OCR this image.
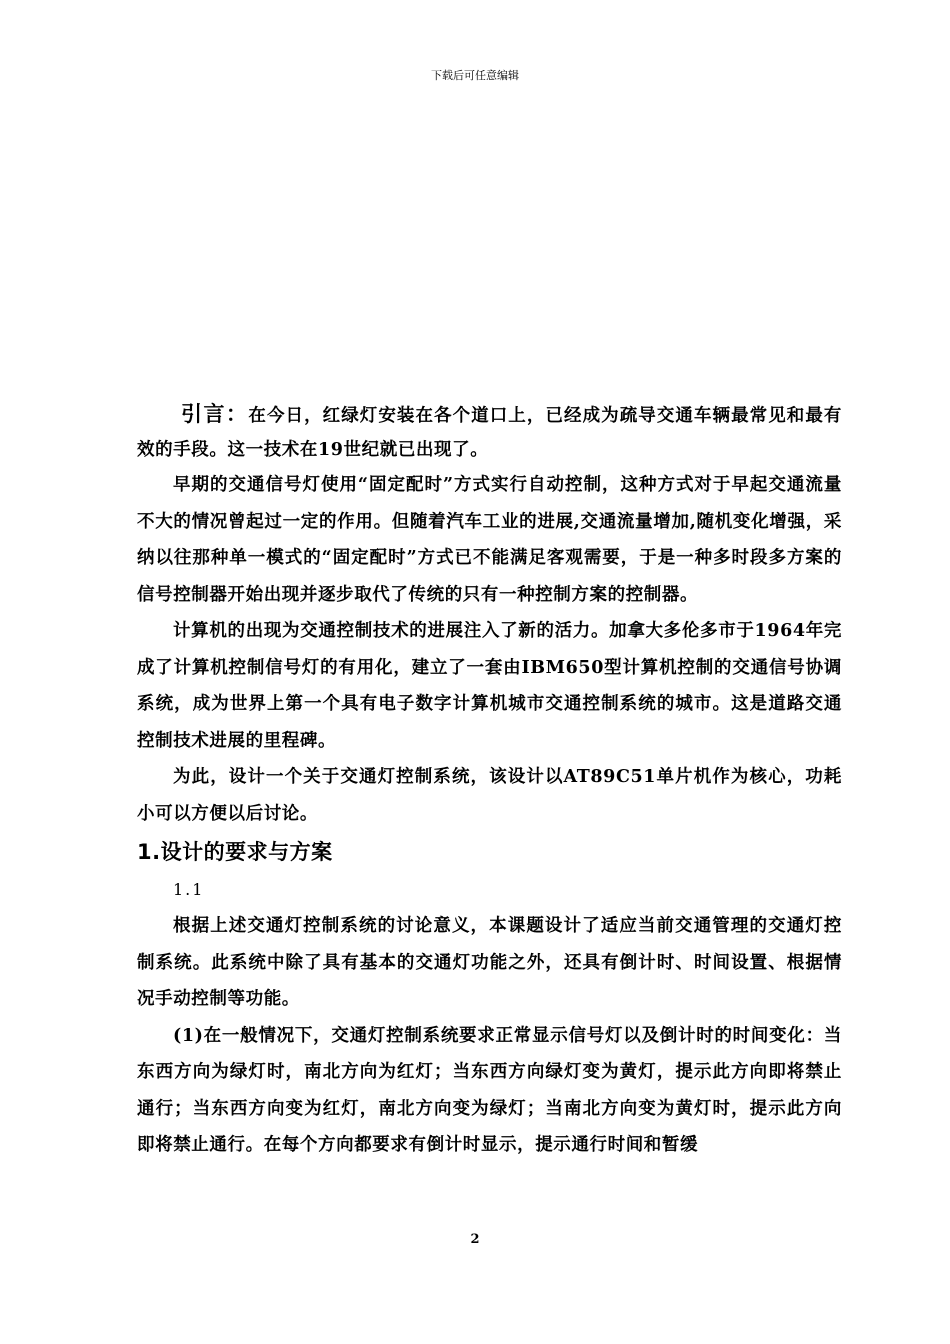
下载后可任意编辑

引言：在今日，红绿灯安装在各个道口上，已经成为疏导交通车辆最常见和最有效的手段。这一技术在19世纪就已出现了。

早期的交通信号灯使用“固定配时”方式实行自动控制，这种方式对于早起交通流量不大的情况曾起过一定的作用。但随着汽车工业的进展,交通流量增加,随机变化增强，采纳以往那种单一模式的“固定配时”方式已不能满足客观需要，于是一种多时段多方案的信号控制器开始出现并逐步取代了传统的只有一种控制方案的控制器。

计算机的出现为交通控制技术的进展注入了新的活力。加拿大多伦多市于1964年完成了计算机控制信号灯的有用化，建立了一套由IBM650型计算机控制的交通信号协调系统，成为世界上第一个具有电子数字计算机城市交通控制系统的城市。这是道路交通控制技术进展的里程碑。

为此，设计一个关于交通灯控制系统，该设计以AT89C51单片机作为核心，功耗小可以方便以后讨论。

1.设计的要求与方案

1.1

根据上述交通灯控制系统的讨论意义，本课题设计了适应当前交通管理的交通灯控制系统。此系统中除了具有基本的交通灯功能之外，还具有倒计时、时间设置、根据情况手动控制等功能。

(1)在一般情况下，交通灯控制系统要求正常显示信号灯以及倒计时的时间变化：当东西方向为绿灯时，南北方向为红灯；当东西方向绿灯变为黄灯，提示此方向即将禁止通行；当东西方向变为红灯，南北方向变为绿灯；当南北方向变为黄灯时，提示此方向即将禁止通行。在每个方向都要求有倒计时显示，提示通行时间和暂缓

2
